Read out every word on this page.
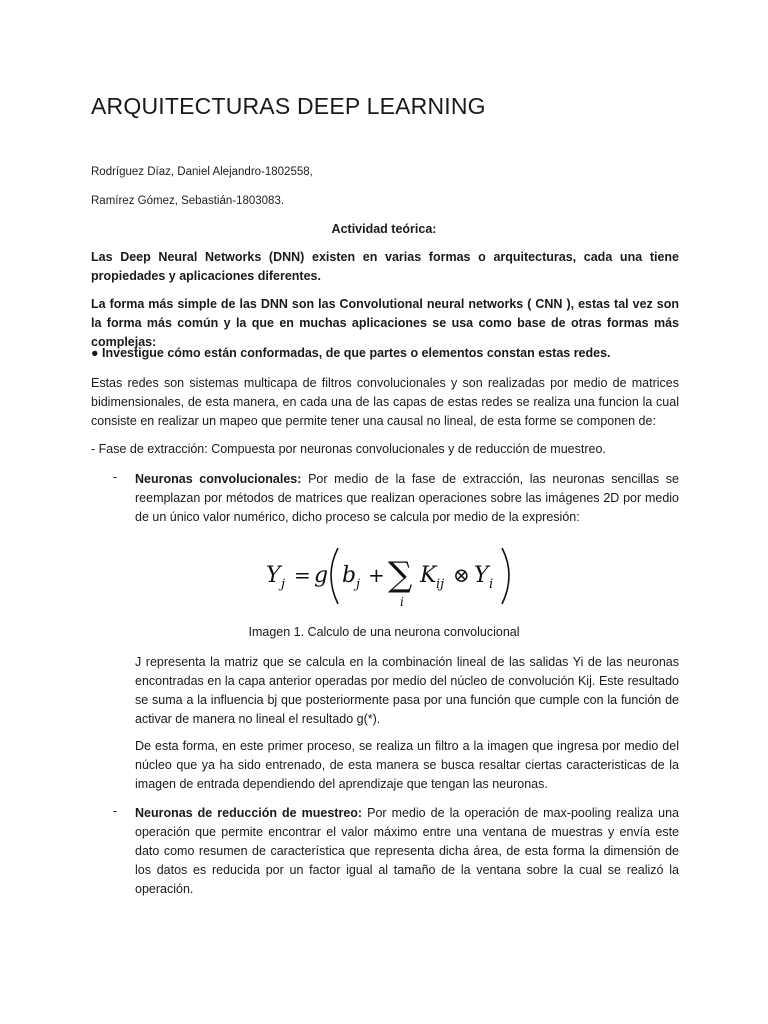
ARQUITECTURAS DEEP LEARNING
Rodríguez Díaz, Daniel Alejandro-1802558,
Ramírez Gómez, Sebastián-1803083.
Actividad teórica:
Las Deep Neural Networks (DNN) existen en varias formas o arquitecturas, cada una tiene propiedades y aplicaciones diferentes.
La forma más simple de las DNN son las Convolutional neural networks ( CNN ), estas tal vez son la forma más común y la que en muchas aplicaciones se usa como base de otras formas más complejas:
● Investigue cómo están conformadas, de que partes o elementos constan estas redes.
Estas redes son sistemas multicapa de filtros convolucionales y son realizadas por medio de matrices bidimensionales, de esta manera, en cada una de las capas de estas redes se realiza una funcion la cual consiste en realizar un mapeo que permite tener una causal no lineal, de esta forme se componen de:
- Fase de extracción: Compuesta por neuronas convolucionales y de reducción de muestreo.
- Neuronas convolucionales: Por medio de la fase de extracción, las neuronas sencillas se reemplazan por métodos de matrices que realizan operaciones sobre las imágenes 2D por medio de un único valor numérico, dicho proceso se calcula por medio de la expresión:
Y j = g b j + ∑
i
K ij ⊗ Y i
Imagen 1. Calculo de una neurona convolucional
J representa la matriz que se calcula en la combinación lineal de las salidas Yi de las neuronas encontradas en la capa anterior operadas por medio del núcleo de convolución Kij. Este resultado se suma a la influencia bj que posteriormente pasa por una función que cumple con la función de activar de manera no lineal el resultado g(*).
De esta forma, en este primer proceso, se realiza un filtro a la imagen que ingresa por medio del núcleo que ya ha sido entrenado, de esta manera se busca resaltar ciertas caracteristicas de la imagen de entrada dependiendo del aprendizaje que tengan las neuronas.
- Neuronas de reducción de muestreo: Por medio de la operación de max-pooling realiza una operación que permite encontrar el valor máximo entre una ventana de muestras y envía este dato como resumen de característica que representa dicha área, de esta forma la dimensión de los datos es reducida por un factor igual al tamaño de la ventana sobre la cual se realizó la operación.
